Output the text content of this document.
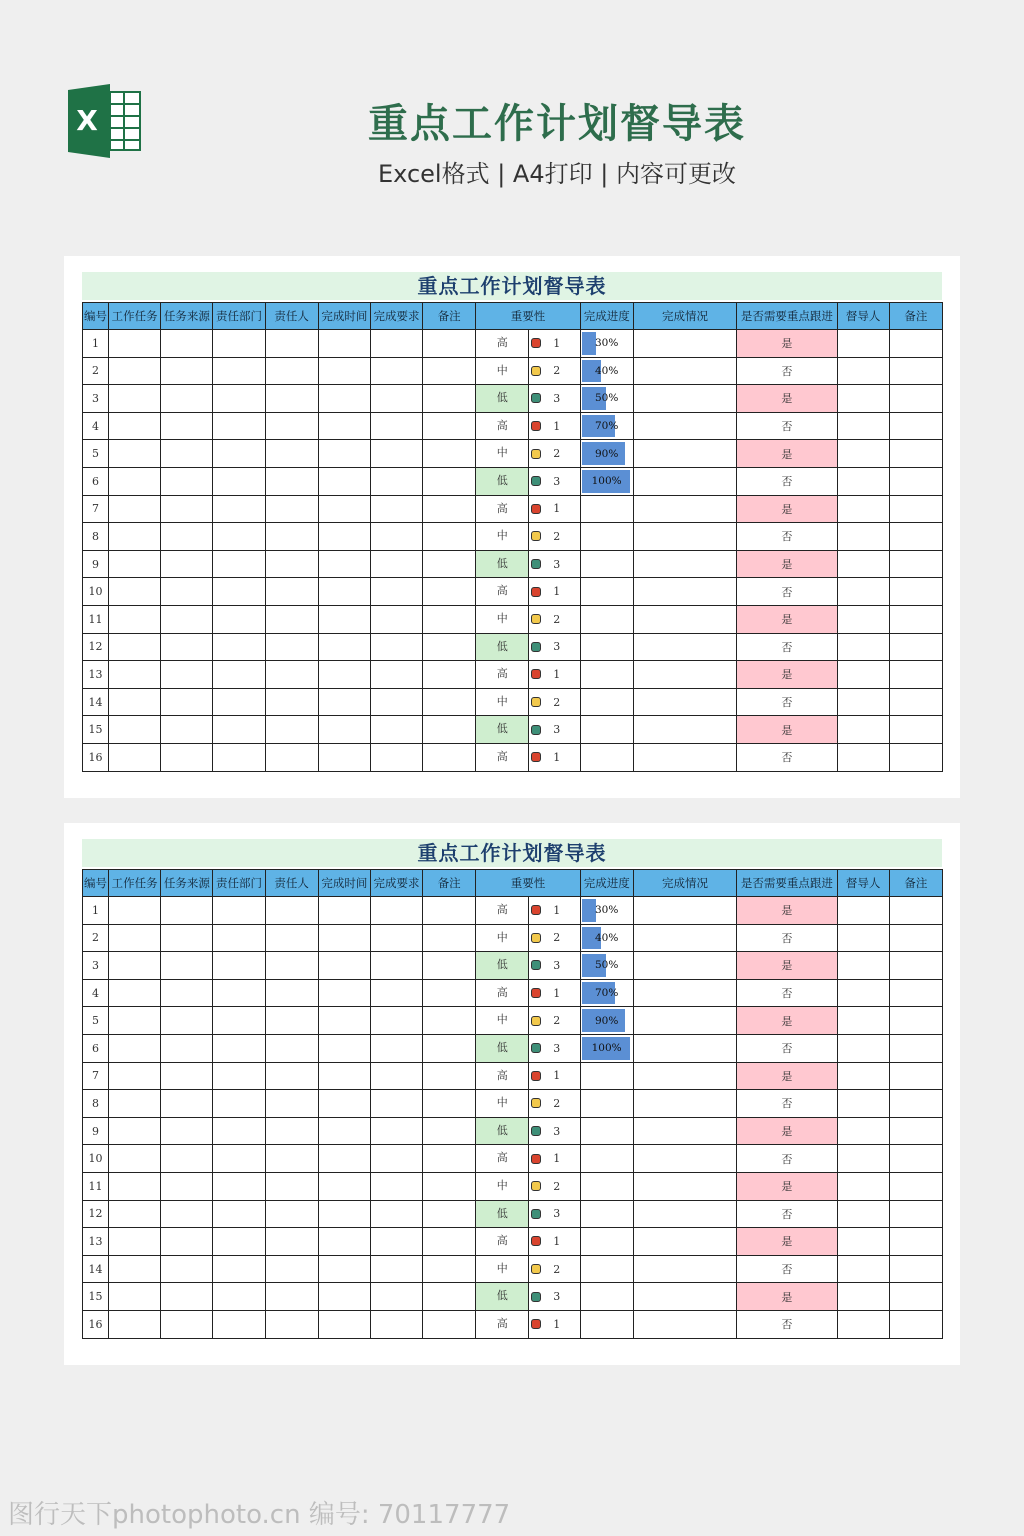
X	重点工作计划督导表
Excel格式 | A4打印 | 内容可更改
重点工作计划督导表
编号	工作任务	任务来源	责任部门	责任人	完成时间	完成要求	备注	重要性	完成进度	完成情况	是否需要重点跟进	督导人	备注
1								高 1	30%		是		
2								中 2	40%		否		
3								低 3	50%		是		
4								高 1	70%		否		
5								中 2	90%		是		
6								低 3	100%		否		
7								高 1			是		
8								中 2			否		
9								低 3			是		
10								高 1			否		
11								中 2			是		
12								低 3			否		
13								高 1			是		
14								中 2			否		
15								低 3			是		
16								高 1			否		
重点工作计划督导表
编号	工作任务	任务来源	责任部门	责任人	完成时间	完成要求	备注	重要性	完成进度	完成情况	是否需要重点跟进	督导人	备注
1								高 1	30%		是		
2								中 2	40%		否		
3								低 3	50%		是		
4								高 1	70%		否		
5								中 2	90%		是		
6								低 3	100%		否		
7								高 1			是		
8								中 2			否		
9								低 3			是		
10								高 1			否		
11								中 2			是		
12								低 3			否		
13								高 1			是		
14								中 2			否		
15								低 3			是		
16								高 1			否		
图行天下photophoto.cn 编号: 70117777
